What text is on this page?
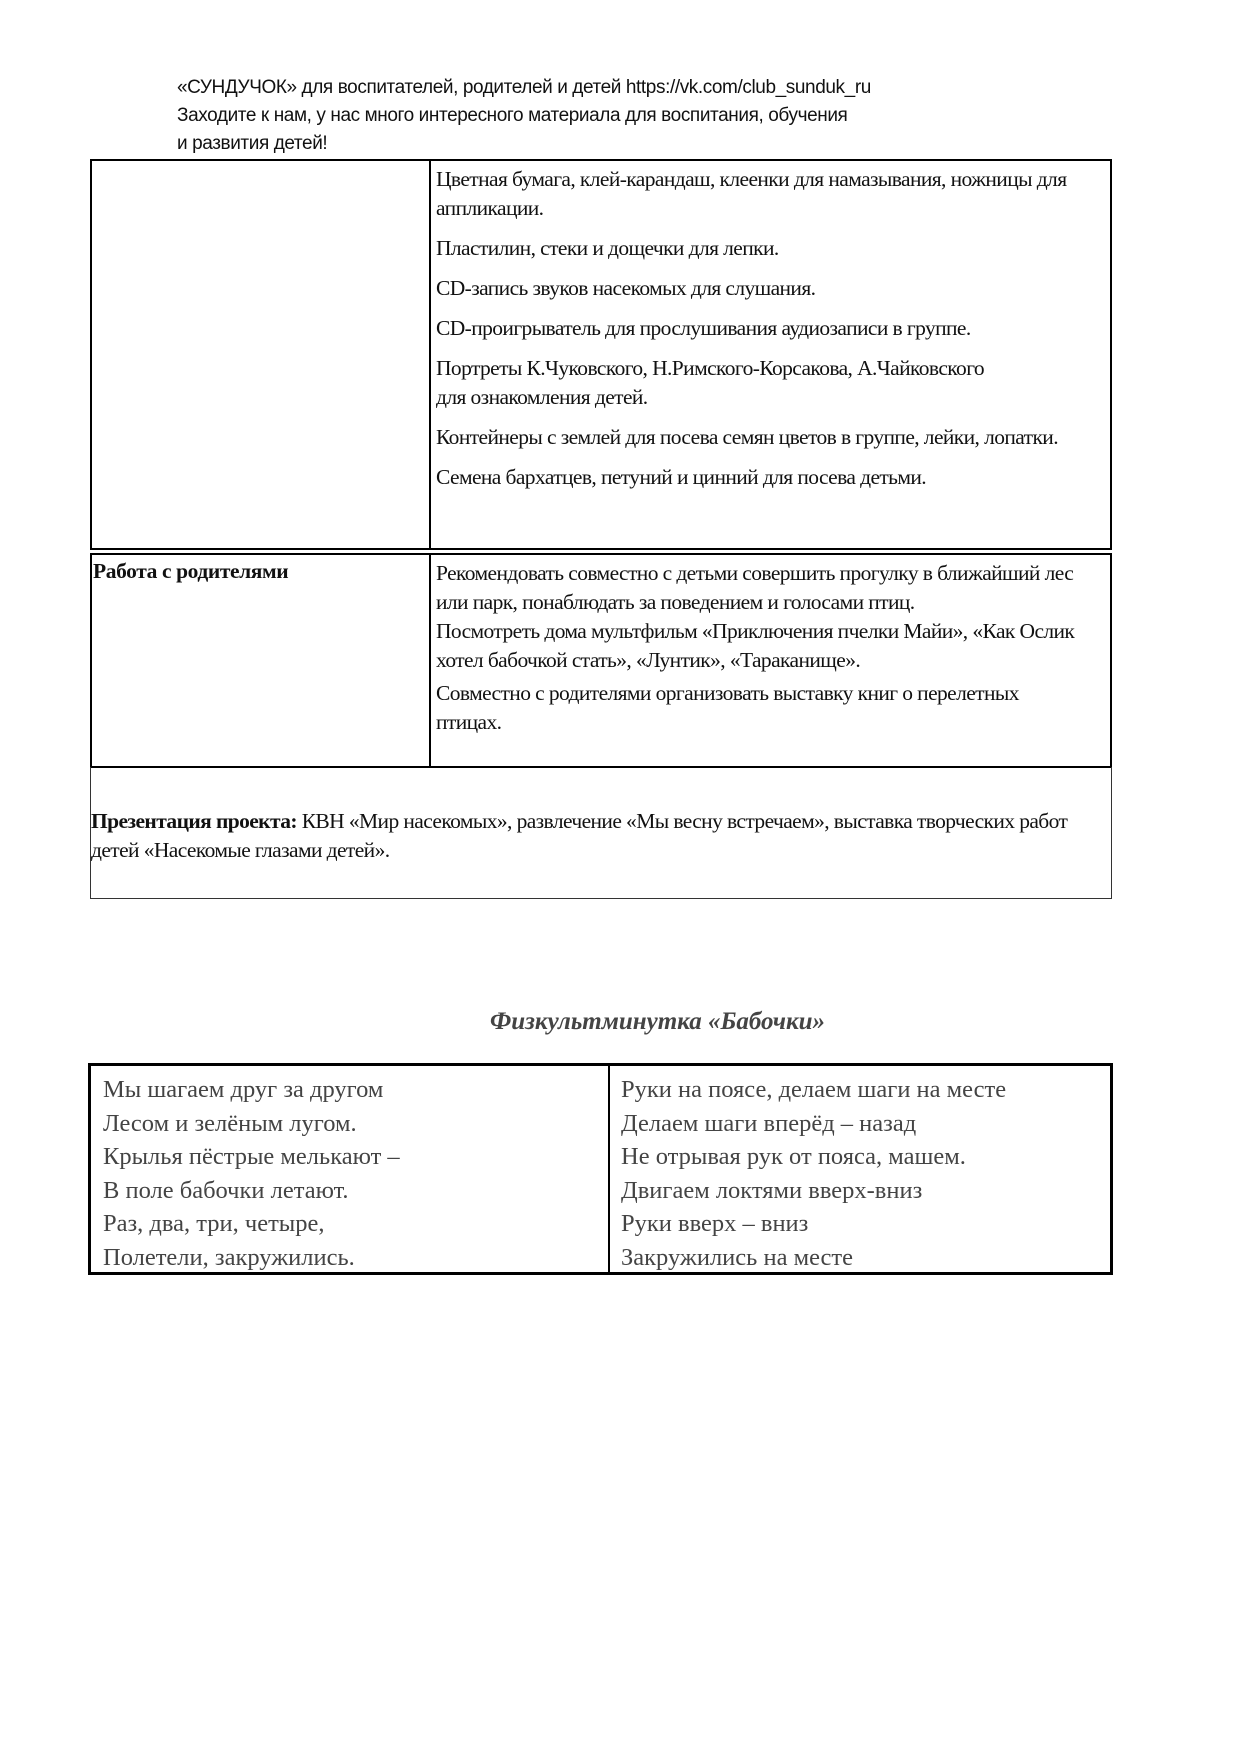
«СУНДУЧОК» для воспитателей, родителей и детей https://vk.com/club_sunduk_ru
Заходите к нам, у нас много интересного материала для воспитания, обучения
и развития детей!

Цветная бумага, клей-карандаш, клеенки для намазывания, ножницы для аппликации.

Пластилин, стеки и дощечки для лепки.

CD-запись звуков насекомых для слушания.

CD-проигрыватель для прослушивания аудиозаписи в группе.

Портреты К.Чуковского, Н.Римского-Корсакова, А.Чайковского для ознакомления детей.

Контейнеры с землей для посева семян цветов в группе, лейки, лопатки.

Семена бархатцев, петуний и цинний для посева детьми.

Работа с родителями	Рекомендовать совместно с детьми совершить прогулку в ближайший лес или парк, понаблюдать за поведением и голосами птиц.

Посмотреть дома мультфильм «Приключения пчелки Майи», «Как Ослик хотел бабочкой стать», «Лунтик», «Тараканище».

Совместно с родителями организовать выставку книг о перелетных птицах.

Презентация проекта: КВН «Мир насекомых», развлечение «Мы весну встречаем», выставка творческих работ детей «Насекомые глазами детей».
Физкультминутка «Бабочки»
Мы шагаем друг за другом
Лесом и зелёным лугом.
Крылья пёстрые мелькают –
В поле бабочки летают.
Раз, два, три, четыре,
Полетели, закружились.
Руки на поясе, делаем шаги на месте
Делаем шаги вперёд – назад
Не отрывая рук от пояса, машем.
Двигаем локтями вверх-вниз
Руки вверх – вниз
Закружились на месте
